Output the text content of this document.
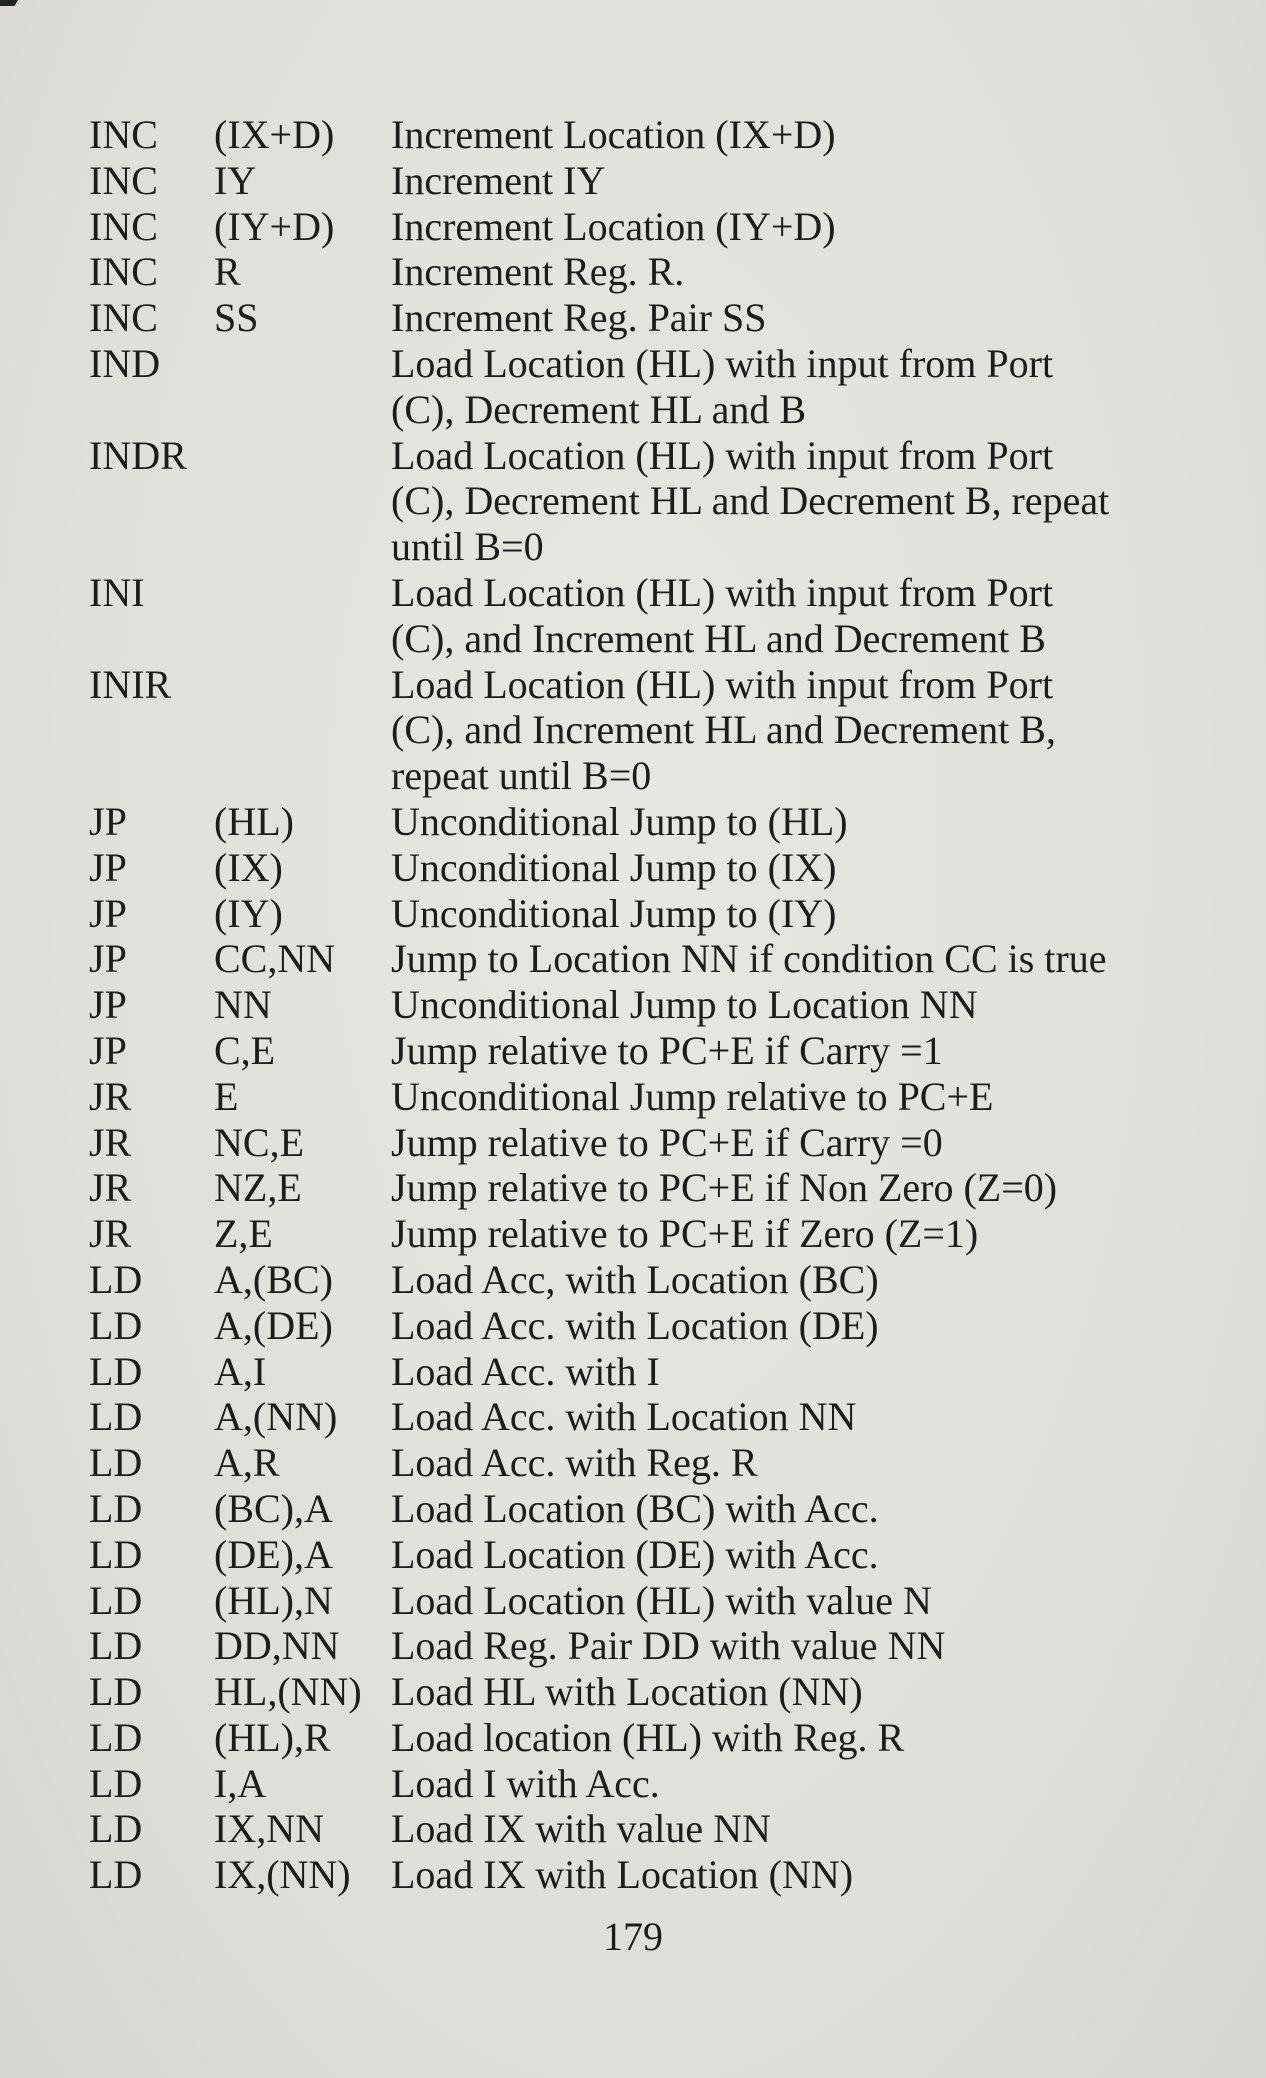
INC (IX+D) Increment Location (IX+D)
INC IY	Increment IY
INC (IY+D) Increment Location (IY+D)
INC R	Increment Reg. R.
INC SS	Increment Reg. Pair SS
IND	Load Location (HL) with input from Port
(C), Decrement HL and B
INDR	Load Location (HL) with input from Port
(C), Decrement HL and Decrement B, repeat
until B=0
INI	Load Location (HL) with input from Port
(C), and Increment HL and Decrement B
INIR	Load Location (HL) with input from Port
(C), and Increment HL and Decrement B,
repeat until B=0
JP (HL) Unconditional Jump to (HL)
JP (IX)	Unconditional Jump to (IX)
JP (IY)	Unconditional Jump to (IY)
JP CC,NN Jump to Location NN if condition CC is true
JP NN	Unconditional Jump to Location NN
JP C,E	Jump relative to PC+E if Carry =1
JR E	Unconditional Jump relative to PC+E
JR NC,E Jump relative to PC+E if Carry =0
JR NZ,E Jump relative to PC+E if Non Zero (Z=0)
JR Z,E	Jump relative to PC+E if Zero (Z=1)
LD A,(BC) Load Acc, with Location (BC)
LD A,(DE) Load Acc. with Location (DE)
LD A,I	Load Acc. with I
LD A,(NN) Load Acc. with Location NN
LD A,R	Load Acc. with Reg. R
LD (BC),A Load Location (BC) with Acc.
LD (DE),A Load Location (DE) with Acc.
LD (HL),N Load Location (HL) with value N
LD DD,NN Load Reg. Pair DD with value NN
LD HL,(NN) Load HL with Location (NN)
LD (HL),R Load location (HL) with Reg. R
LD I,A	Load I with Acc.
LD IX,NN Load IX with value NN
LD IX,(NN) Load IX with Location (NN)
179
